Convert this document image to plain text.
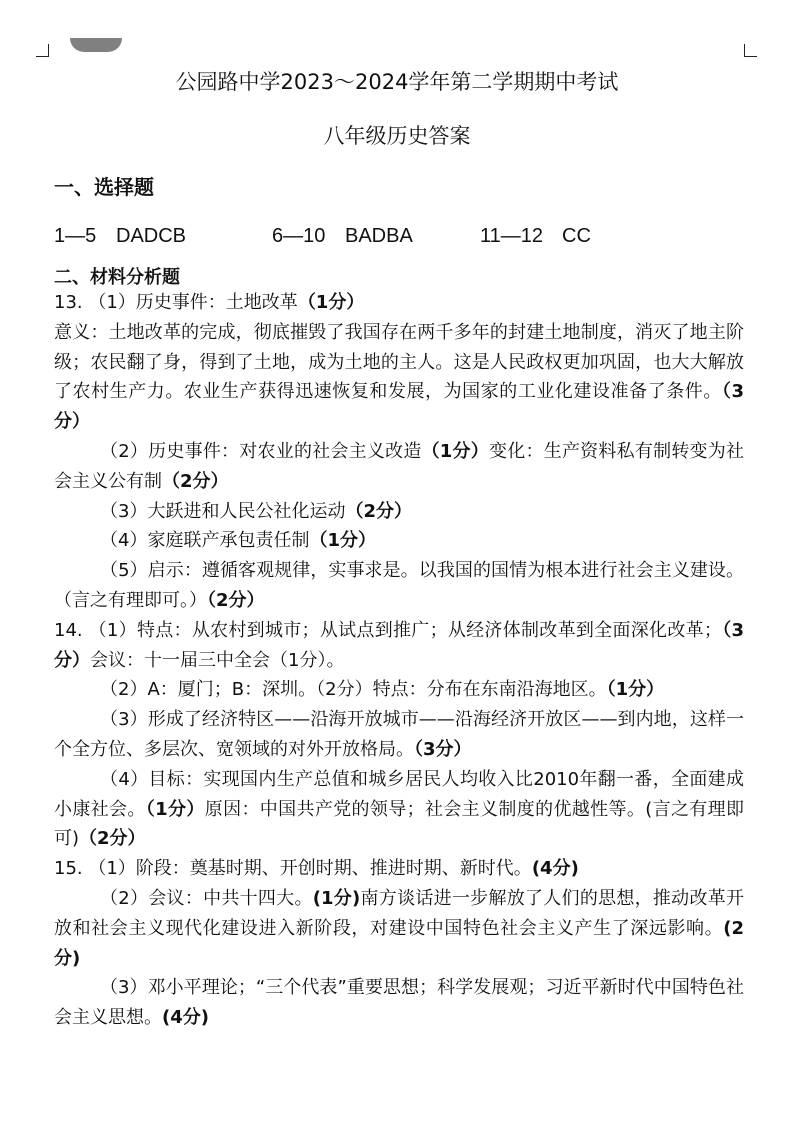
公园路中学2023～2024学年第二学期期中考试
八年级历史答案
一、选择题
1—5 DADCB	6—10 BADBA	11—12 CC
二、材料分析题

13. （1）历史事件：土地改革（1分）

意义：土地改革的完成，彻底摧毁了我国存在两千多年的封建土地制度，消灭了地主阶级；农民翻了身，得到了土地，成为土地的主人。这是人民政权更加巩固，也大大解放了农村生产力。农业生产获得迅速恢复和发展，为国家的工业化建设准备了条件。（3分）

（2）历史事件：对农业的社会主义改造（1分）变化：生产资料私有制转变为社会主义公有制（2分）

（3）大跃进和人民公社化运动（2分）

（4）家庭联产承包责任制（1分）

（5）启示：遵循客观规律，实事求是。以我国的国情为根本进行社会主义建设。（言之有理即可。）（2分）

14. （1）特点：从农村到城市；从试点到推广；从经济体制改革到全面深化改革；（3分）会议：十一届三中全会（1分）。

（2）A：厦门；B：深圳。（2分）特点：分布在东南沿海地区。（1分）

（3）形成了经济特区——沿海开放城市——沿海经济开放区——到内地，这样一个全方位、多层次、宽领域的对外开放格局。（3分）

（4）目标：实现国内生产总值和城乡居民人均收入比2010年翻一番，全面建成小康社会。（1分）原因：中国共产党的领导；社会主义制度的优越性等。(言之有理即可)（2分）

15. （1）阶段：奠基时期、开创时期、推进时期、新时代。(4分)

（2）会议：中共十四大。(1分)南方谈话进一步解放了人们的思想，推动改革开放和社会主义现代化建设进入新阶段，对建设中国特色社会主义产生了深远影响。(2分)

（3）邓小平理论；“三个代表”重要思想；科学发展观；习近平新时代中国特色社会主义思想。(4分)
